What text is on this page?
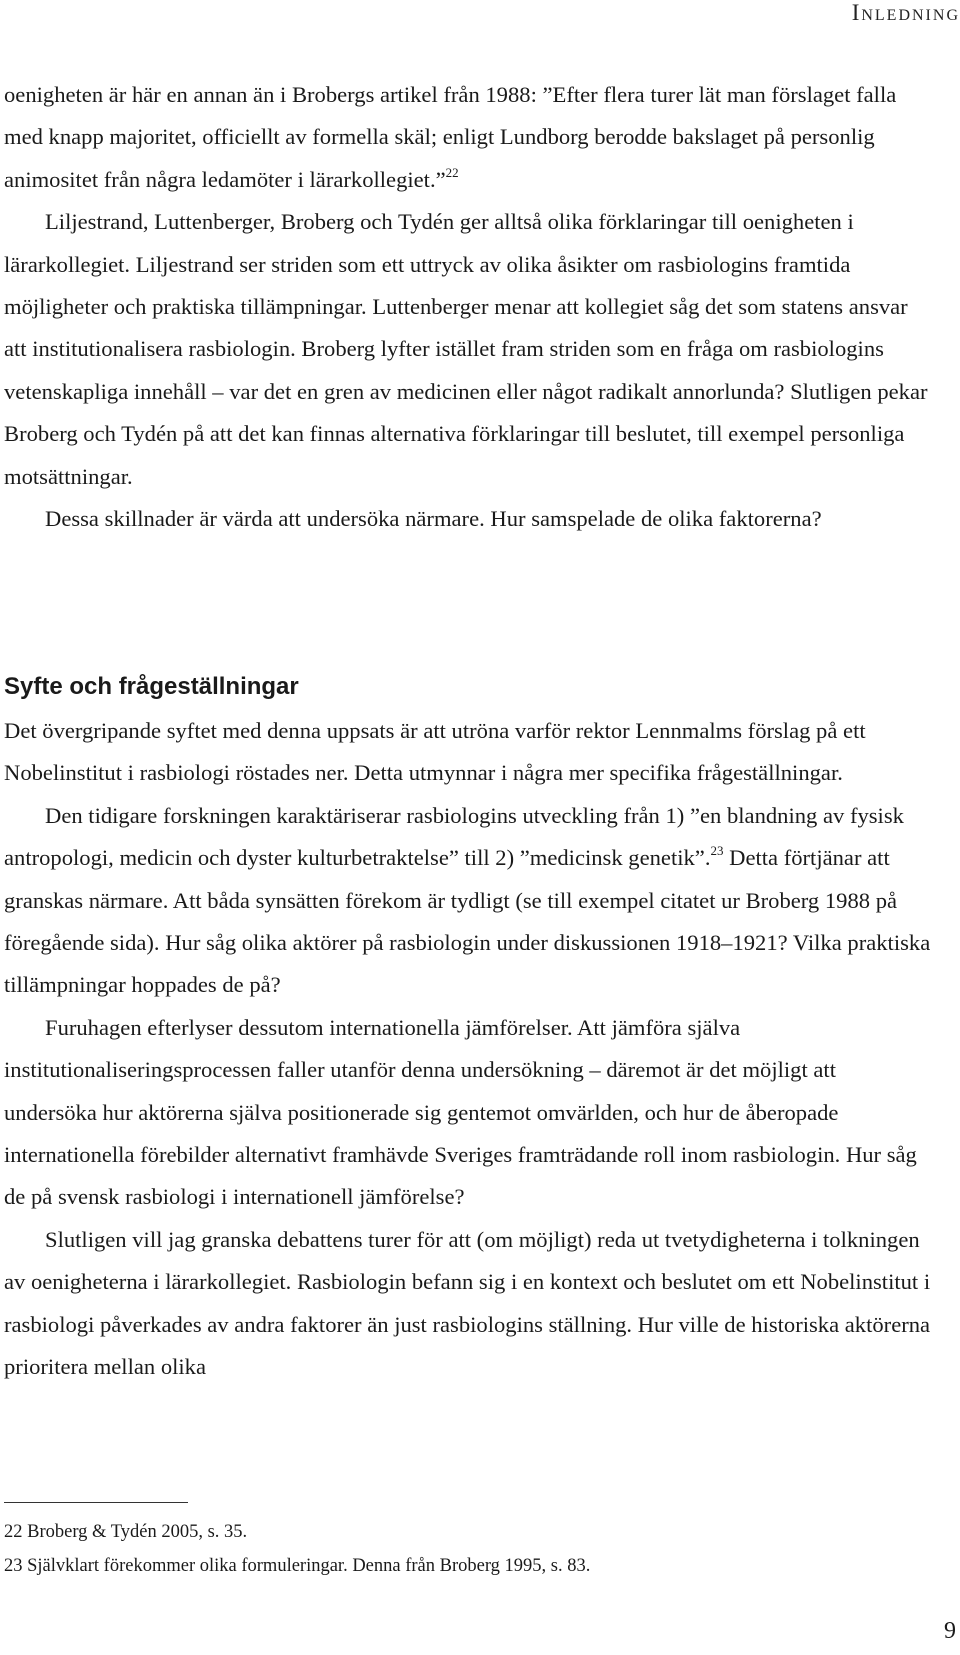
Inledning

oenigheten är här en annan än i Brobergs artikel från 1988: ”Efter flera turer lät man förslaget falla med knapp majoritet, officiellt av formella skäl; enligt Lundborg berodde bakslaget på personlig animositet från några ledamöter i lärarkollegiet.”$^{22}$

Liljestrand, Luttenberger, Broberg och Tydén ger alltså olika förklaringar till oenigheten i lärarkollegiet. Liljestrand ser striden som ett uttryck av olika åsikter om rasbiologins framtida möjligheter och praktiska tillämpningar. Luttenberger menar att kollegiet såg det som statens ansvar att institutionalisera rasbiologin. Broberg lyfter istället fram striden som en fråga om rasbiologins vetenskapliga innehåll – var det en gren av medicinen eller något radikalt annorlunda? Slutligen pekar Broberg och Tydén på att det kan finnas alternativa förklaringar till beslutet, till exempel personliga motsättningar.

Dessa skillnader är värda att undersöka närmare. Hur samspelade de olika faktorerna?

Syfte och frågeställningar

Det övergripande syftet med denna uppsats är att utröna varför rektor Lennmalms förslag på ett Nobelinstitut i rasbiologi röstades ner. Detta utmynnar i några mer specifika frågeställningar.

Den tidigare forskningen karaktäriserar rasbiologins utveckling från 1) ”en blandning av fysisk antropologi, medicin och dyster kulturbetraktelse” till 2) ”medicinsk genetik”.$^{23}$ Detta förtjänar att granskas närmare. Att båda synsätten förekom är tydligt (se till exempel citatet ur Broberg 1988 på föregående sida). Hur såg olika aktörer på rasbiologin under diskussionen 1918–1921? Vilka praktiska tillämpningar hoppades de på?

Furuhagen efterlyser dessutom internationella jämförelser. Att jämföra själva institutionaliseringsprocessen faller utanför denna undersökning – däremot är det möjligt att undersöka hur aktörerna själva positionerade sig gentemot omvärlden, och hur de åberopade internationella förebilder alternativt framhävde Sveriges framträdande roll inom rasbiologin. Hur såg de på svensk rasbiologi i internationell jämförelse?

Slutligen vill jag granska debattens turer för att (om möjligt) reda ut tvetydigheterna i tolkningen av oenigheterna i lärarkollegiet. Rasbiologin befann sig i en kontext och beslutet om ett Nobelinstitut i rasbiologi påverkades av andra faktorer än just rasbiologins ställning. Hur ville de historiska aktörerna prioritera mellan olika

22 Broberg & Tydén 2005, s. 35.

23 Självklart förekommer olika formuleringar. Denna från Broberg 1995, s. 83.

9
